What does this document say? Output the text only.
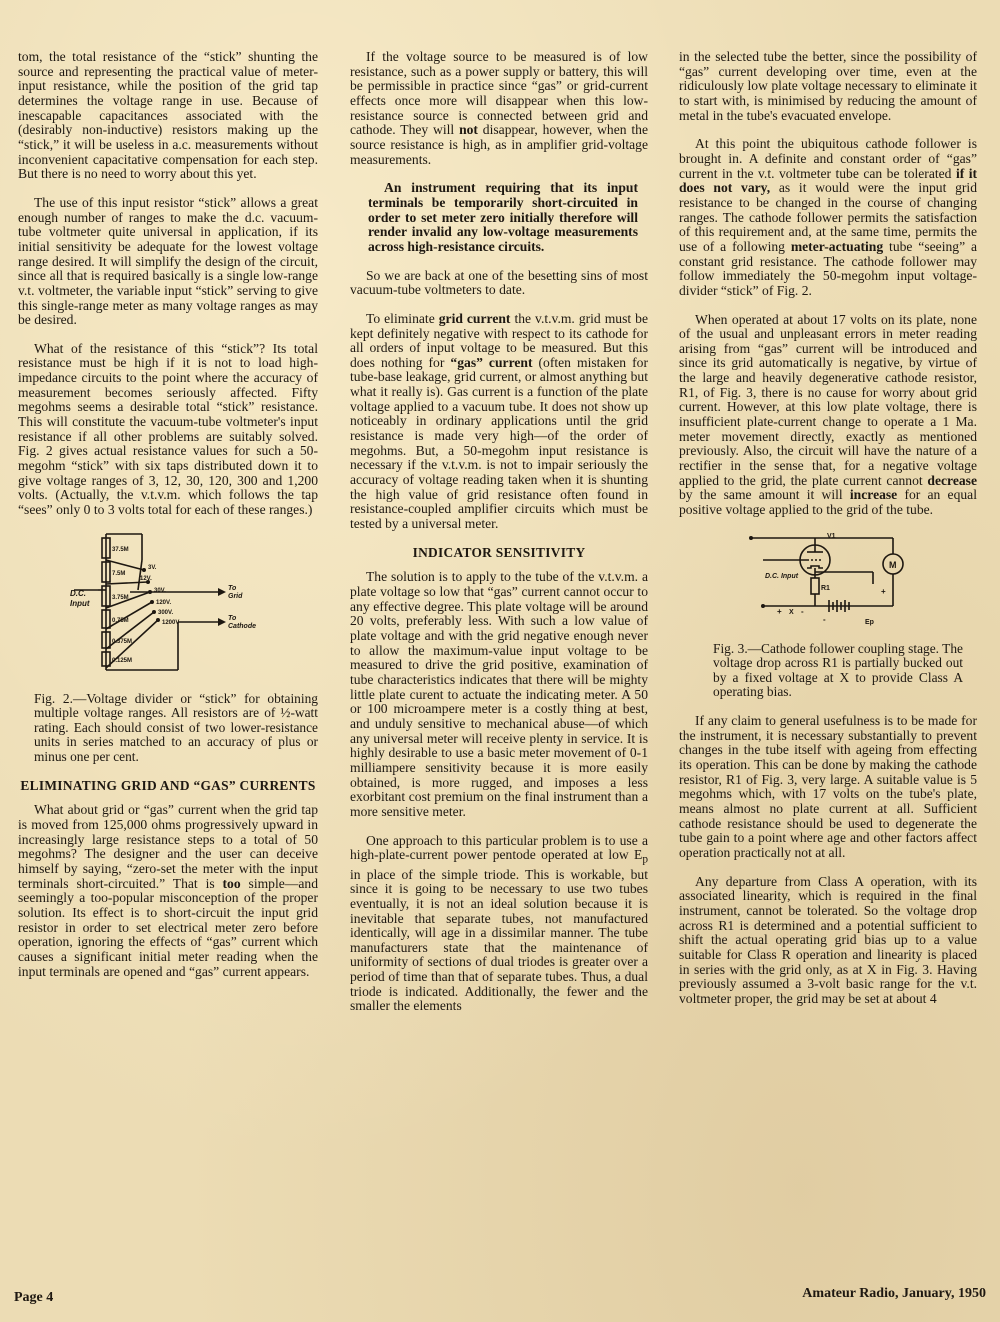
tom, the total resistance of the “stick” shunting the source and representing the practical value of meter-input resistance, while the position of the grid tap determines the voltage range in use. Because of inescapable capacitances associated with the (desirably non-inductive) resistors making up the “stick,” it will be useless in a.c. measurements without inconvenient capacitative compensation for each step. But there is no need to worry about this yet.

The use of this input resistor “stick” allows a great enough number of ranges to make the d.c. vacuum-tube voltmeter quite universal in application, if its initial sensitivity be adequate for the lowest voltage range desired. It will simplify the design of the circuit, since all that is required basically is a single low-range v.t. voltmeter, the variable input “stick” serving to give this single-range meter as many voltage ranges as may be desired.

What of the resistance of this “stick”? Its total resistance must be high if it is not to load high-impedance circuits to the point where the accuracy of measurement becomes seriously affected. Fifty megohms seems a desirable total “stick” resistance. This will constitute the vacuum-tube voltmeter's input resistance if all other problems are suitably solved. Fig. 2 gives actual resistance values for such a 50-megohm “stick” with six taps distributed down it to give voltage ranges of 3, 12, 30, 120, 300 and 1,200 volts. (Actually, the v.t.v.m. which follows the tap “sees” only 0 to 3 volts total for each of these ranges.)

37.5M
7.5M
3.75M
0.75M
0.375M
0.125M
3V.
12V.
30V.
120V.
300V.
1200V
D.C.
Input
To
Grid
To
Cathode
Fig. 2.—Voltage divider or “stick” for obtaining multiple voltage ranges. All resistors are of ½-watt rating. Each should consist of two lower-resistance units in series matched to an accuracy of plus or minus one per cent.
ELIMINATING GRID AND “GAS” CURRENTS

What about grid or “gas” current when the grid tap is moved from 125,000 ohms progressively upward in increasingly large resistance steps to a total of 50 megohms? The designer and the user can deceive himself by saying, “zero-set the meter with the input terminals short-circuited.” That is too simple—and seemingly a too-popular misconception of the proper solution. Its effect is to short-circuit the input grid resistor in order to set electrical meter zero before operation, ignoring the effects of “gas” current which causes a significant initial meter reading when the input terminals are opened and “gas” current appears.

If the voltage source to be measured is of low resistance, such as a power supply or battery, this will be permissible in practice since “gas” or grid-current effects once more will disappear when this low-resistance source is connected between grid and cathode. They will not disappear, however, when the source resistance is high, as in amplifier grid-voltage measurements.

An instrument requiring that its input terminals be temporarily short-circuited in order to set meter zero initially therefore will render invalid any low-voltage measurements across high-resistance circuits.

So we are back at one of the besetting sins of most vacuum-tube voltmeters to date.

To eliminate grid current the v.t.v.m. grid must be kept definitely negative with respect to its cathode for all orders of input voltage to be measured. But this does nothing for “gas” current (often mistaken for tube-base leakage, grid current, or almost anything but what it really is). Gas current is a function of the plate voltage applied to a vacuum tube. It does not show up noticeably in ordinary applications until the grid resistance is made very high—of the order of megohms. But, a 50-megohm input resistance is necessary if the v.t.v.m. is not to impair seriously the accuracy of voltage reading taken when it is shunting the high value of grid resistance often found in resistance-coupled amplifier circuits which must be tested by a universal meter.

INDICATOR SENSITIVITY

The solution is to apply to the tube of the v.t.v.m. a plate voltage so low that “gas” current cannot occur to any effective degree. This plate voltage will be around 20 volts, preferably less. With such a low value of plate voltage and with the grid negative enough never to allow the maximum-value input voltage to be measured to drive the grid positive, examination of tube characteristics indicates that there will be mighty little plate curent to actuate the indicating meter. A 50 or 100 microampere meter is a costly thing at best, and unduly sensitive to mechanical abuse—of which any universal meter will receive plenty in service. It is highly desirable to use a basic meter movement of 0-1 milliampere sensitivity because it is more easily obtained, is more rugged, and imposes a less exorbitant cost premium on the final instrument than a more sensitive meter.

One approach to this particular problem is to use a high-plate-current power pentode operated at low $E_p$ in place of the simple triode. This is workable, but since it is going to be necessary to use two tubes eventually, it is not an ideal solution because it is inevitable that separate tubes, not manufactured identically, will age in a dissimilar manner. The tube manufacturers state that the maintenance of uniformity of sections of dual triodes is greater over a period of time than that of separate tubes. Thus, a dual triode is indicated. Additionally, the fewer and the smaller the elements

in the selected tube the better, since the possibility of “gas” current developing over time, even at the ridiculously low plate voltage necessary to eliminate it to start with, is minimised by reducing the amount of metal in the tube's evacuated envelope.

At this point the ubiquitous cathode follower is brought in. A definite and constant order of “gas” current in the v.t. voltmeter tube can be tolerated if it does not vary, as it would were the input grid resistance to be changed in the course of changing ranges. The cathode follower permits the satisfaction of this requirement and, at the same time, permits the use of a following meter-actuating tube “seeing” a constant grid resistance. The cathode follower may follow immediately the 50-megohm input voltage-divider “stick” of Fig. 2.

When operated at about 17 volts on its plate, none of the usual and unpleasant errors in meter reading arising from “gas” current will be introduced and since its grid automatically is negative, by virtue of the large and heavily degenerative cathode resistor, R1, of Fig. 3, there is no cause for worry about grid current. However, at this low plate voltage, there is insufficient plate-current change to operate a 1 Ma. meter movement directly, exactly as mentioned previously. Also, the circuit will have the nature of a rectifier in the sense that, for a negative voltage applied to the grid, the plate current cannot decrease by the same amount it will increase for an equal positive voltage applied to the grid of the tube.

V1
D.C. Input
R1
M
Ep
X
+ -
+
-
Fig. 3.—Cathode follower coupling stage. The voltage drop across R1 is partially bucked out by a fixed voltage at X to provide Class A operating bias.

If any claim to general usefulness is to be made for the instrument, it is necessary substantially to prevent changes in the tube itself with ageing from effecting its operation. This can be done by making the cathode resistor, R1 of Fig. 3, very large. A suitable value is 5 megohms which, with 17 volts on the tube's plate, means almost no plate current at all. Sufficient cathode resistance should be used to degenerate the tube gain to a point where age and other factors affect operation practically not at all.

Any departure from Class A operation, with its associated linearity, which is required in the final instrument, cannot be tolerated. So the voltage drop across R1 is determined and a potential sufficient to shift the actual operating grid bias up to a value suitable for Class R operation and linearity is placed in series with the grid only, as at X in Fig. 3. Having previously assumed a 3-volt basic range for the v.t. voltmeter proper, the grid may be set at about 4

Page 4	Amateur Radio, January, 1950
